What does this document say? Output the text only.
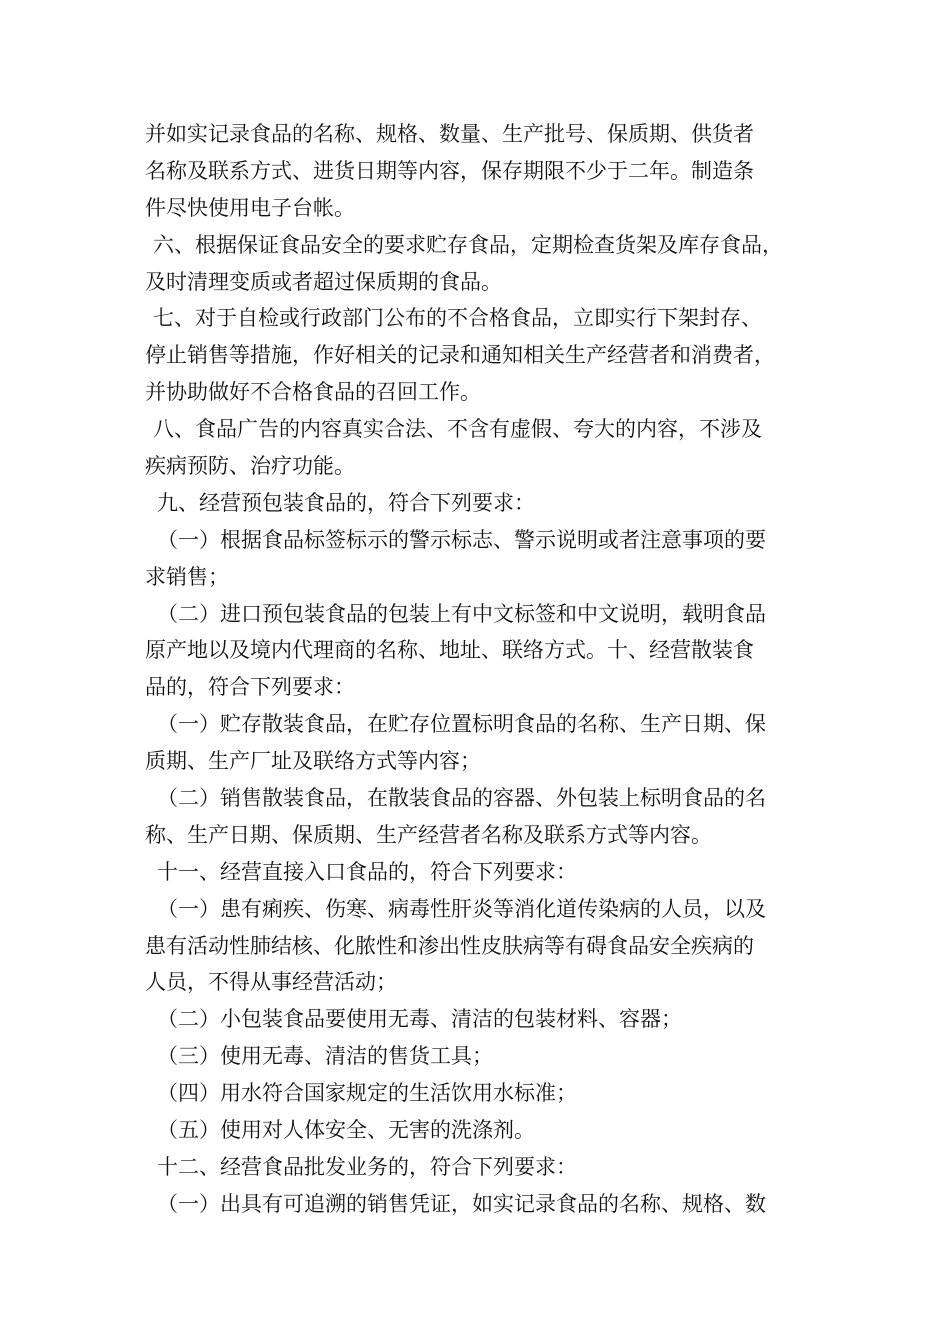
并如实记录食品的名称、规格、数量、生产批号、保质期、供货者
名称及联系方式、进货日期等内容，保存期限不少于二年。制造条
件尽快使用电子台帐。
六、根据保证食品安全的要求贮存食品，定期检查货架及库存食品，
及时清理变质或者超过保质期的食品。
七、对于自检或行政部门公布的不合格食品，立即实行下架封存、
停止销售等措施，作好相关的记录和通知相关生产经营者和消费者，
并协助做好不合格食品的召回工作。
八、食品广告的内容真实合法、不含有虚假、夸大的内容，不涉及
疾病预防、治疗功能。
九、经营预包装食品的，符合下列要求：
（一）根据食品标签标示的警示标志、警示说明或者注意事项的要
求销售；
（二）进口预包装食品的包装上有中文标签和中文说明，载明食品
原产地以及境内代理商的名称、地址、联络方式。十、经营散装食
品的，符合下列要求：
（一）贮存散装食品，在贮存位置标明食品的名称、生产日期、保
质期、生产厂址及联络方式等内容；
（二）销售散装食品，在散装食品的容器、外包装上标明食品的名
称、生产日期、保质期、生产经营者名称及联系方式等内容。
十一、经营直接入口食品的，符合下列要求：
（一）患有痢疾、伤寒、病毒性肝炎等消化道传染病的人员，以及
患有活动性肺结核、化脓性和渗出性皮肤病等有碍食品安全疾病的
人员，不得从事经营活动；
（二）小包装食品要使用无毒、清洁的包装材料、容器；
（三）使用无毒、清洁的售货工具；
（四）用水符合国家规定的生活饮用水标准；
（五）使用对人体安全、无害的洗涤剂。
十二、经营食品批发业务的，符合下列要求：
（一）出具有可追溯的销售凭证，如实记录食品的名称、规格、数
